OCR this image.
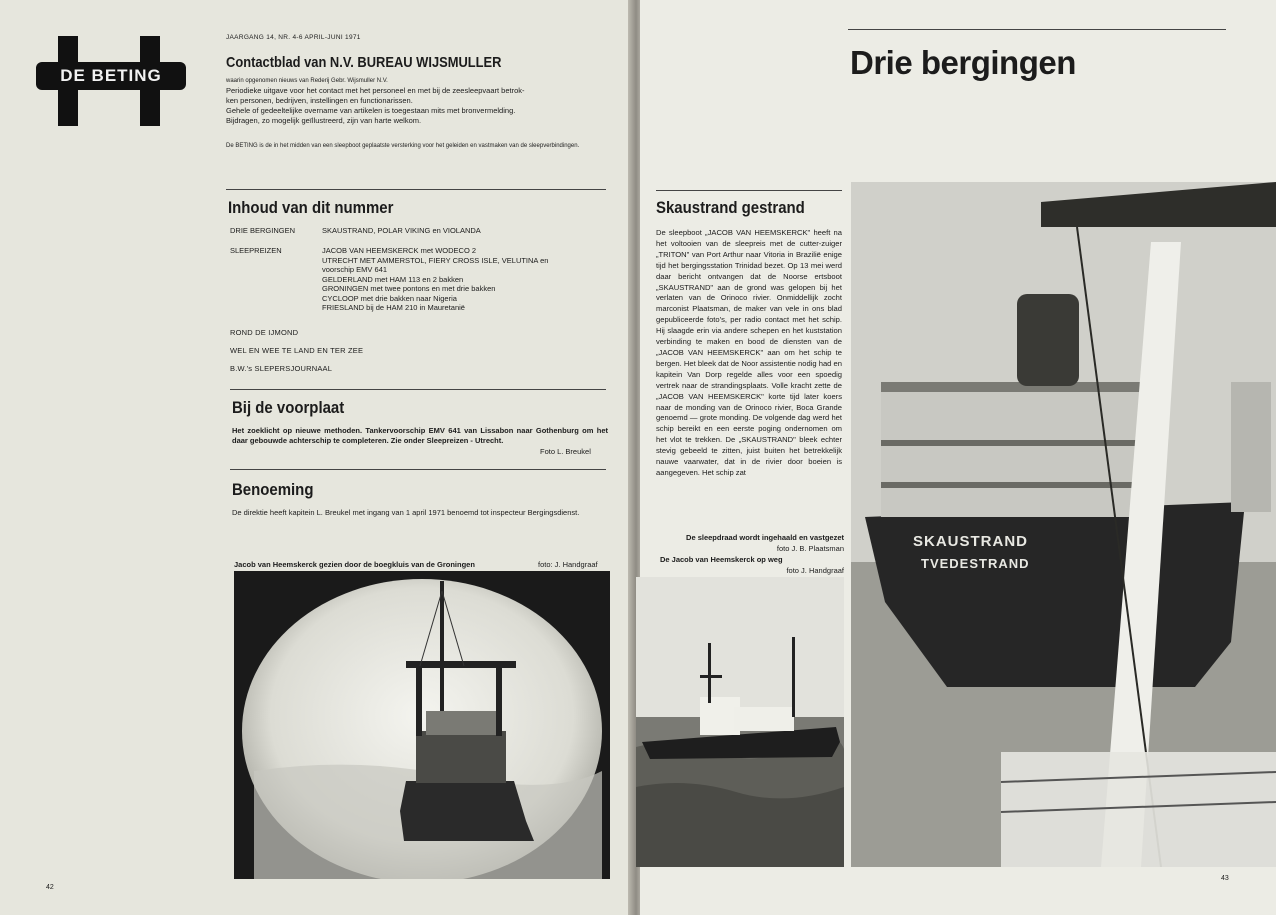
DE BETING
JAARGANG 14, NR. 4-6 APRIL-JUNI 1971
Contactblad van N.V. BUREAU WIJSMULLER
waarin opgenomen nieuws van Rederij Gebr. Wijsmuller N.V.
Periodieke uitgave voor het contact met het personeel en met bij de zeesleepvaart betrok-
ken personen, bedrijven, instellingen en functionarissen.
Gehele of gedeeltelijke overname van artikelen is toegestaan mits met bronvermelding.
Bijdragen, zo mogelijk geïllustreerd, zijn van harte welkom.
De BETING is de in het midden van een sleepboot geplaatste versterking voor het geleiden en vastmaken van de sleepverbindingen.
Inhoud van dit nummer
DRIE BERGINGEN	SKAUSTRAND, POLAR VIKING en VIOLANDA
SLEEPREIZEN	JACOB VAN HEEMSKERCK met WODECO 2
UTRECHT MET AMMERSTOL, FIERY CROSS ISLE, VELUTINA en
voorschip EMV 641
GELDERLAND met HAM 113 en 2 bakken
GRONINGEN met twee pontons en met drie bakken
CYCLOOP met drie bakken naar Nigeria
FRIESLAND bij de HAM 210 in Mauretanië
ROND DE IJMOND
WEL EN WEE TE LAND EN TER ZEE
B.W.'s SLEPERSJOURNAAL
Bij de voorplaat
Het zoeklicht op nieuwe methoden. Tankervoorschip EMV 641 van Lissabon naar Gothenburg om het daar gebouwde achterschip te completeren. Zie onder Sleepreizen - Utrecht.
Foto L. Breukel
Benoeming
De direktie heeft kapitein L. Breukel met ingang van 1 april 1971 benoemd tot inspecteur Bergingsdienst.
Jacob van Heemskerck gezien door de boegkluis van de Groningen	foto: J. Handgraaf
42
Drie bergingen
Skaustrand gestrand
De sleepboot „JACOB VAN HEEMSKERCK" heeft na het voltooien van de sleepreis met de cutter-zuiger „TRITON" van Port Arthur naar Vitoria in Brazilië enige tijd het bergingsstation Trinidad bezet. Op 13 mei werd daar bericht ontvangen dat de Noorse ertsboot „SKAUSTRAND" aan de grond was gelopen bij het verlaten van de Orinoco rivier. Onmiddellijk zocht marconist Plaatsman, de maker van vele in ons blad gepubliceerde foto's, per radio contact met het schip. Hij slaagde erin via andere schepen en het kuststation verbinding te maken en bood de diensten van de „JACOB VAN HEEMSKERCK" aan om het schip te bergen. Het bleek dat de Noor assistentie nodig had en kapitein Van Dorp regelde alles voor een spoedig vertrek naar de strandingsplaats. Volle kracht zette de „JACOB VAN HEEMSKERCK" korte tijd later koers naar de monding van de Orinoco rivier, Boca Grande genoemd — grote monding. De volgende dag werd het schip bereikt en een eerste poging ondernomen om het vlot te trekken. De „SKAUSTRAND" bleek echter stevig gebeeld te zitten, juist buiten het betrekkelijk nauwe vaarwater, dat in de rivier door boeien is aangegeven. Het schip zat
De sleepdraad wordt ingehaald en vastgezet
foto J. B. Plaatsman
De Jacob van Heemskerck op weg
foto J. Handgraaf
SKAUSTRAND
TVEDESTRAND
43
